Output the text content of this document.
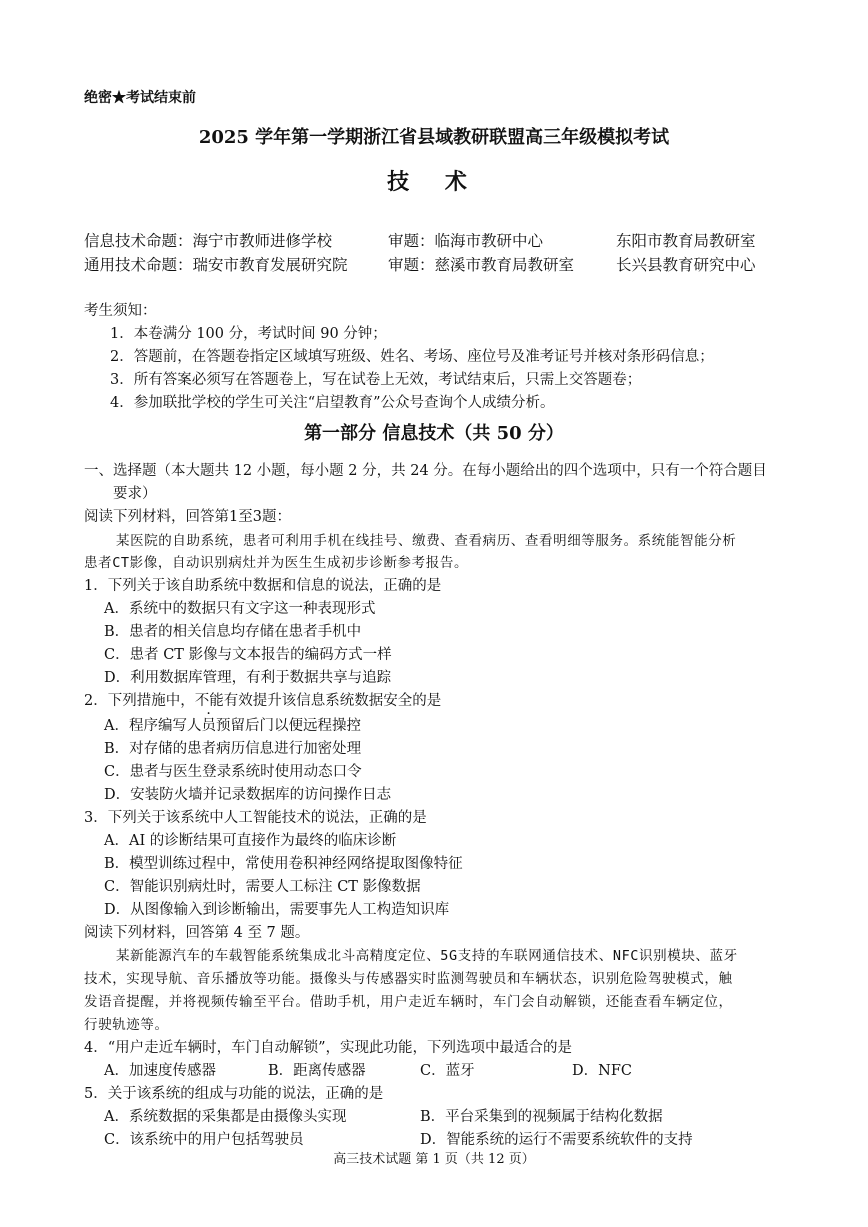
绝密★考试结束前
2025 学年第一学期浙江省县域教研联盟高三年级模拟考试
技 术
信息技术命题：海宁市教师进修学校	审题：临海市教研中心	东阳市教育局教研室
通用技术命题：瑞安市教育发展研究院	审题：慈溪市教育局教研室	长兴县教育研究中心
考生须知：
1．本卷满分 100 分，考试时间 90 分钟；
2．答题前，在答题卷指定区域填写班级、姓名、考场、座位号及准考证号并核对条形码信息；
3．所有答案必须写在答题卷上，写在试卷上无效，考试结束后，只需上交答题卷；
4．参加联批学校的学生可关注“启望教育”公众号查询个人成绩分析。
第一部分 信息技术（共 50 分）
一、选择题（本大题共 12 小题，每小题 2 分，共 24 分。在每小题给出的四个选项中，只有一个符合题目
要求）
阅读下列材料，回答第1至3题：
某医院的自助系统，患者可利用手机在线挂号、缴费、查看病历、查看明细等服务。系统能智能分析
患者CT影像，自动识别病灶并为医生生成初步诊断参考报告。
1．下列关于该自助系统中数据和信息的说法，正确的是
A．系统中的数据只有文字这一种表现形式
B．患者的相关信息均存储在患者手机中
C．患者 CT 影像与文本报告的编码方式一样
D．利用数据库管理，有利于数据共享与追踪
2．下列措施中，不能有效提升该信息系统数据安全的是
A．程序编写人员预留后门以便远程操控
B．对存储的患者病历信息进行加密处理
C．患者与医生登录系统时使用动态口令
D．安装防火墙并记录数据库的访问操作日志
3．下列关于该系统中人工智能技术的说法，正确的是
A．AI 的诊断结果可直接作为最终的临床诊断
B．模型训练过程中，常使用卷积神经网络提取图像特征
C．智能识别病灶时，需要人工标注 CT 影像数据
D．从图像输入到诊断输出，需要事先人工构造知识库
阅读下列材料，回答第 4 至 7 题。
某新能源汽车的车载智能系统集成北斗高精度定位、5G支持的车联网通信技术、NFC识别模块、蓝牙
技术，实现导航、音乐播放等功能。摄像头与传感器实时监测驾驶员和车辆状态，识别危险驾驶模式，触
发语音提醒，并将视频传输至平台。借助手机，用户走近车辆时，车门会自动解锁，还能查看车辆定位，
行驶轨迹等。
4．“用户走近车辆时，车门自动解锁”，实现此功能，下列选项中最适合的是
A．加速度传感器	B．距离传感器	C．蓝牙	D．NFC
5．关于该系统的组成与功能的说法，正确的是
A．系统数据的采集都是由摄像头实现	B．平台采集到的视频属于结构化数据
C．该系统中的用户包括驾驶员	D．智能系统的运行不需要系统软件的支持
高三技术试题 第 1 页（共 12 页）
